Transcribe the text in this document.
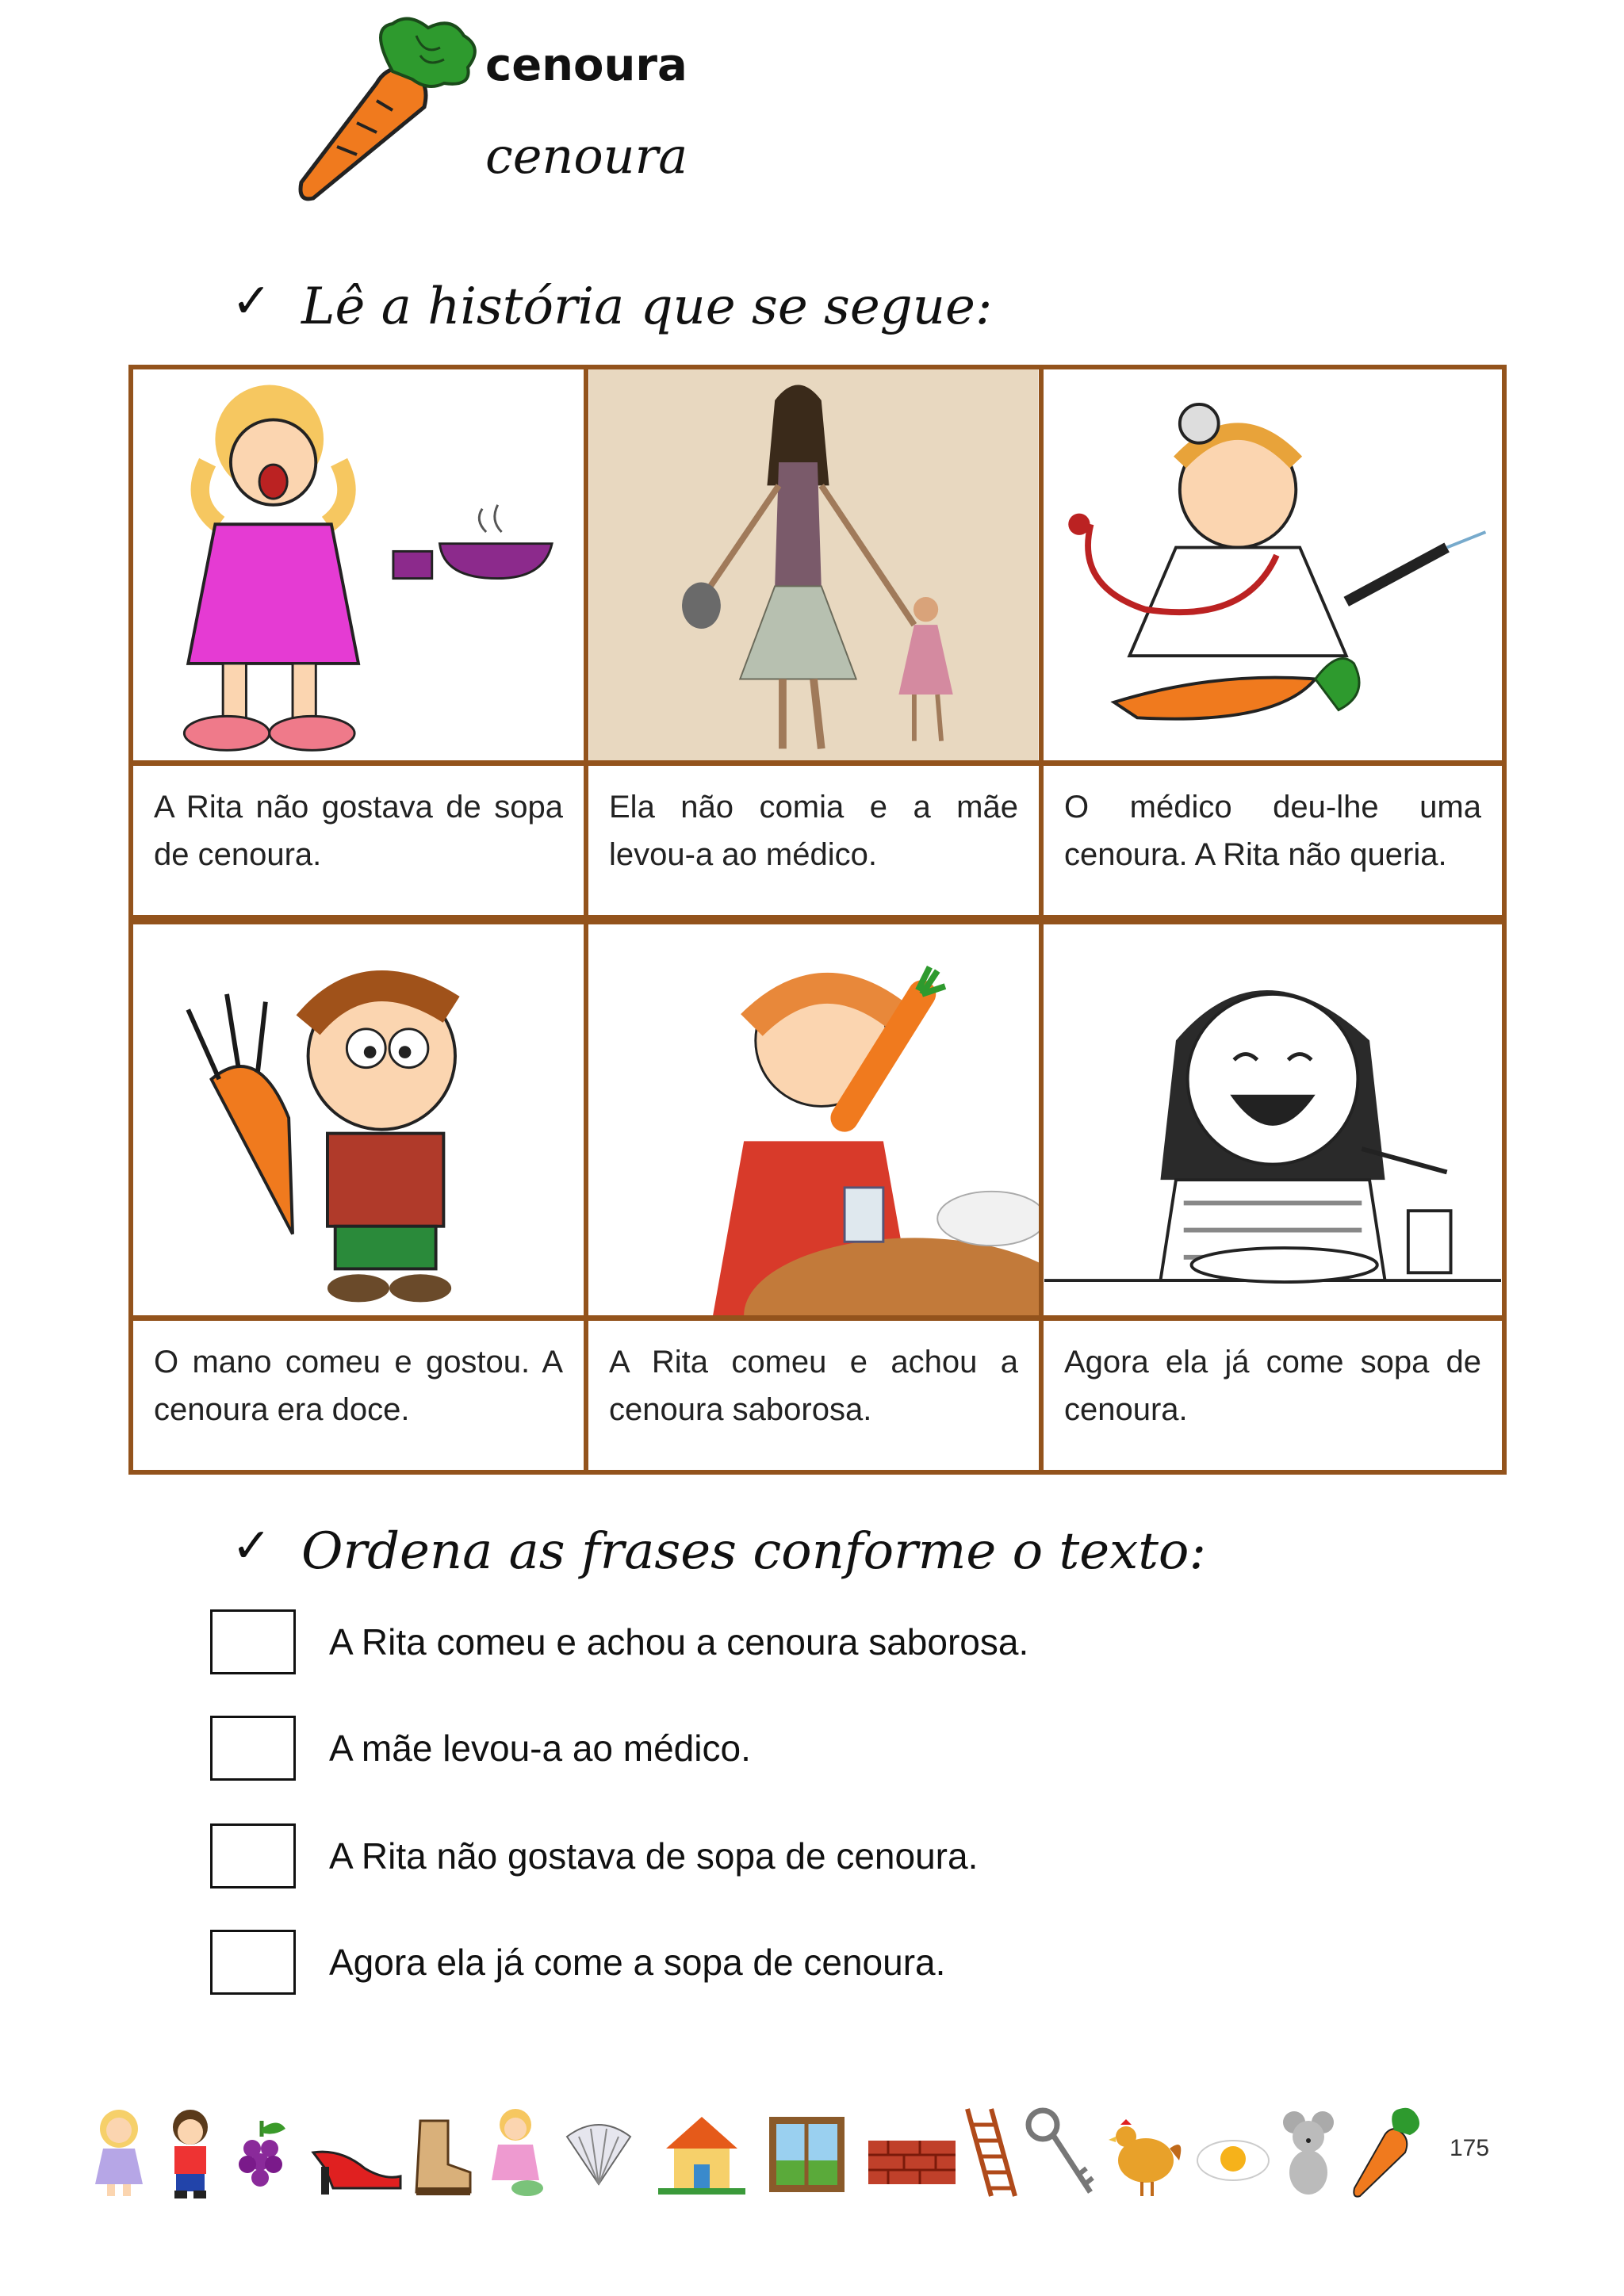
cenoura
cenoura
✓ Lê a história que se segue:
A Rita não gostava de sopa de cenoura.
Ela não comia e a mãe levou-a ao médico.
O médico deu-lhe uma cenoura. A Rita não queria.
O mano comeu e gostou. A cenoura era doce.
A Rita comeu e achou a cenoura saborosa.
Agora ela já come sopa de cenoura.
✓ Ordena as frases conforme o texto:
A Rita comeu e achou a cenoura saborosa.
A mãe levou-a ao médico.
A Rita não gostava de sopa de cenoura.
Agora ela já come a sopa de cenoura.
175
